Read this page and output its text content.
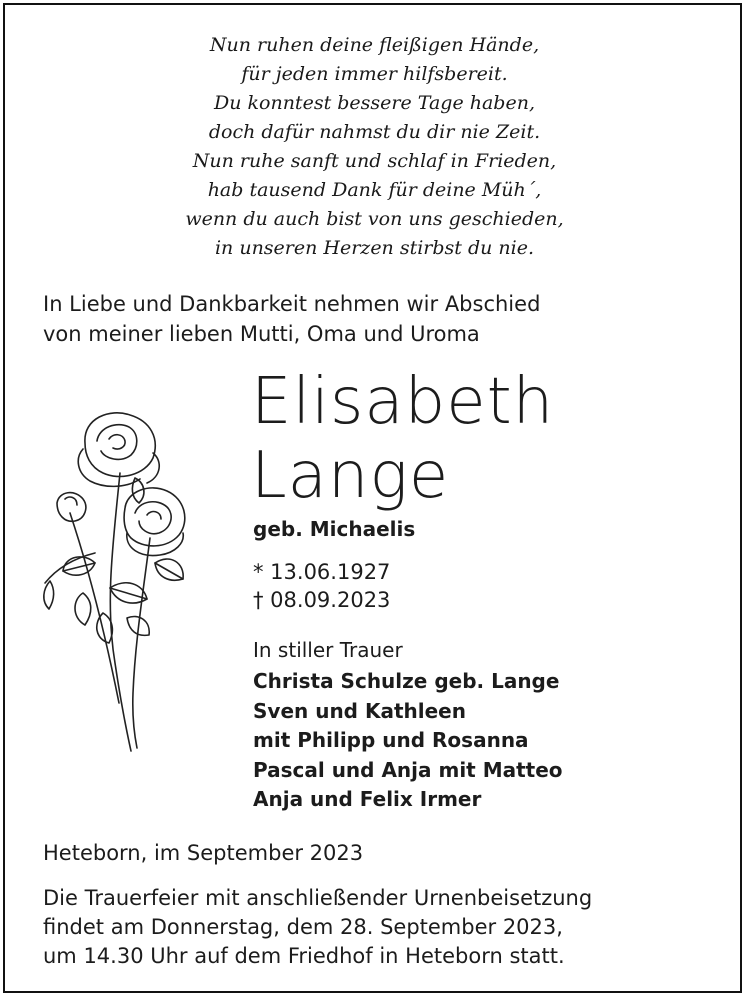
Nun ruhen deine fleißigen Hände,
für jeden immer hilfsbereit.
Du konntest bessere Tage haben,
doch dafür nahmst du dir nie Zeit.
Nun ruhe sanft und schlaf in Frieden,
hab tausend Dank für deine Müh´,
wenn du auch bist von uns geschieden,
in unseren Herzen stirbst du nie.
In Liebe und Dankbarkeit nehmen wir Abschied
von meiner lieben Mutti, Oma und Uroma
Elisabeth
Lange
geb. Michaelis
* 13.06.1927
† 08.09.2023
In stiller Trauer
Christa Schulze geb. Lange
Sven und Kathleen
mit Philipp und Rosanna
Pascal und Anja mit Matteo
Anja und Felix Irmer
Heteborn, im September 2023
Die Trauerfeier mit anschließender Urnenbeisetzung
findet am Donnerstag, dem 28. September 2023,
um 14.30 Uhr auf dem Friedhof in Heteborn statt.
